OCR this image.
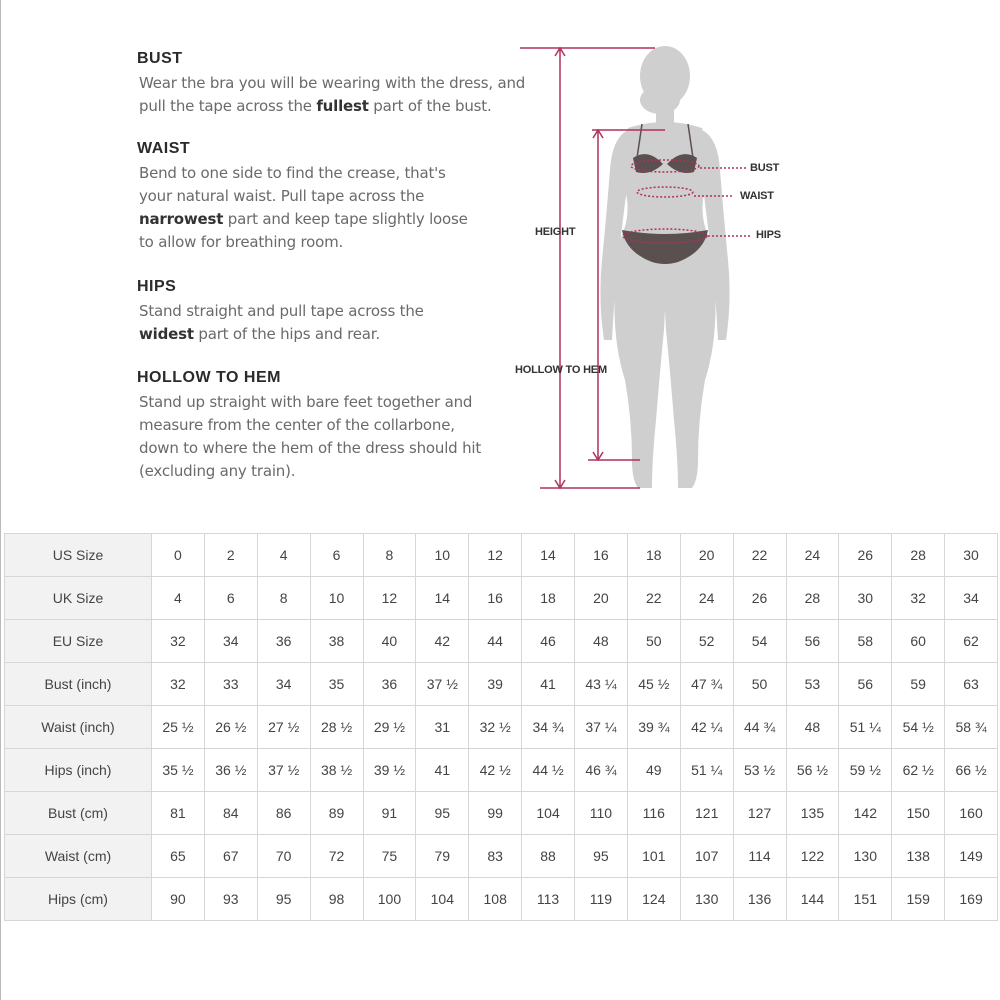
BUST

Wear the bra you will be wearing with the dress, and
pull the tape across the fullest part of the bust.

WAIST

Bend to one side to find the crease, that's
your natural waist. Pull tape across the
narrowest part and keep tape slightly loose
to allow for breathing room.

HIPS

Stand straight and pull tape across the
widest part of the hips and rear.

HOLLOW TO HEM

Stand up straight with bare feet together and
measure from the center of the collarbone,
down to where the hem of the dress should hit
(excluding any train).

BUST
WAIST
HIPS
HEIGHT
HOLLOW TO HEM
US Size	0	2	4	6	8	10	12	14	16	18	20	22	24	26	28	30
UK Size	4	6	8	10	12	14	16	18	20	22	24	26	28	30	32	34
EU Size	32	34	36	38	40	42	44	46	48	50	52	54	56	58	60	62
Bust (inch)	32	33	34	35	36	37 ½	39	41	43 ¼	45 ½	47 ¾	50	53	56	59	63
Waist (inch)	25 ½	26 ½	27 ½	28 ½	29 ½	31	32 ½	34 ¾	37 ¼	39 ¾	42 ¼	44 ¾	48	51 ¼	54 ½	58 ¾
Hips (inch)	35 ½	36 ½	37 ½	38 ½	39 ½	41	42 ½	44 ½	46 ¾	49	51 ¼	53 ½	56 ½	59 ½	62 ½	66 ½
Bust (cm)	81	84	86	89	91	95	99	104	110	116	121	127	135	142	150	160
Waist (cm)	65	67	70	72	75	79	83	88	95	101	107	114	122	130	138	149
Hips (cm)	90	93	95	98	100	104	108	113	119	124	130	136	144	151	159	169
